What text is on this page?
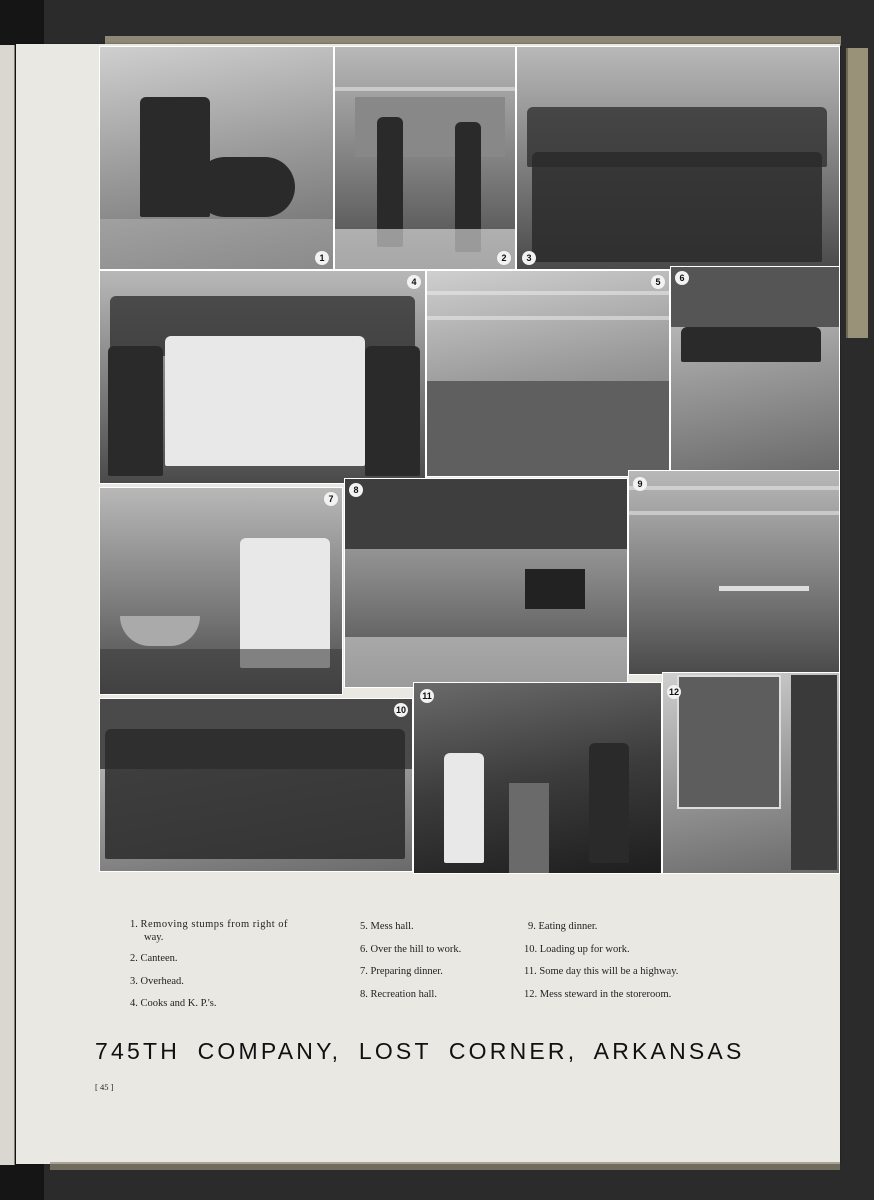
1	2	3
4	5	6
7
8
9
10
11	12
1. Removing stumps from right of
way.
2. Canteen.
3. Overhead.
4. Cooks and K. P.'s.
5. Mess hall.
6. Over the hill to work.
7. Preparing dinner.
8. Recreation hall.
9. Eating dinner.
10. Loading up for work.
11. Some day this will be a highway.
12. Mess steward in the storeroom.
745TH COMPANY, LOST CORNER, ARKANSAS
[ 45 ]
